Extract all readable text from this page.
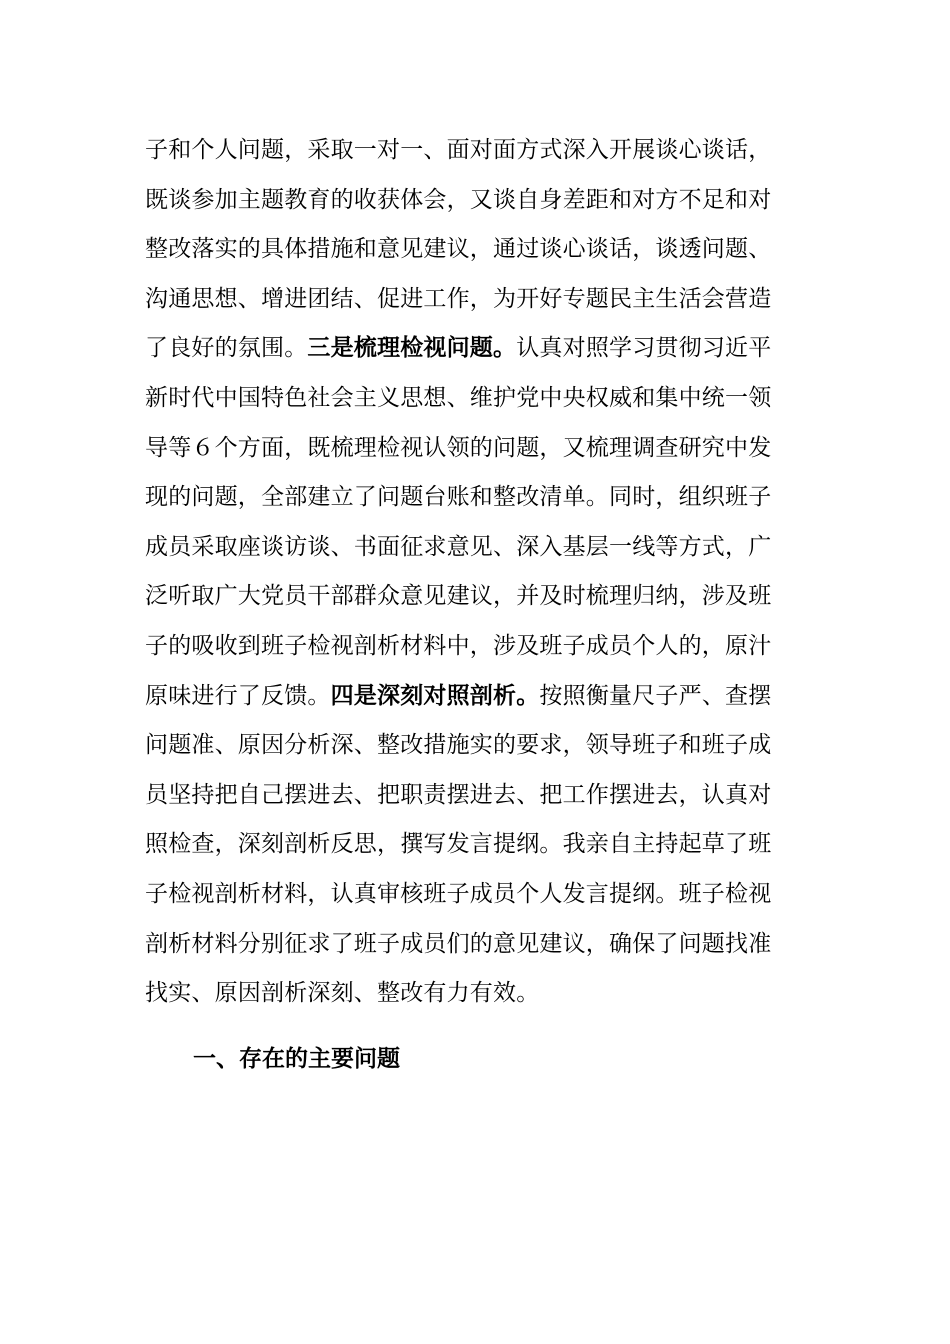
子和个人问题，采取一对一、面对面方式深入开展谈心谈话，
既谈参加主题教育的收获体会，又谈自身差距和对方不足和对
整改落实的具体措施和意见建议，通过谈心谈话，谈透问题、
沟通思想、增进团结、促进工作，为开好专题民主生活会营造
了良好的氛围。三是梳理检视问题。认真对照学习贯彻习近平
新时代中国特色社会主义思想、维护党中央权威和集中统一领
导等６个方面，既梳理检视认领的问题，又梳理调查研究中发
现的问题，全部建立了问题台账和整改清单。同时，组织班子
成员采取座谈访谈、书面征求意见、深入基层一线等方式，广
泛听取广大党员干部群众意见建议，并及时梳理归纳，涉及班
子的吸收到班子检视剖析材料中，涉及班子成员个人的，原汁
原味进行了反馈。四是深刻对照剖析。按照衡量尺子严、查摆
问题准、原因分析深、整改措施实的要求，领导班子和班子成
员坚持把自己摆进去、把职责摆进去、把工作摆进去，认真对
照检查，深刻剖析反思，撰写发言提纲。我亲自主持起草了班
子检视剖析材料，认真审核班子成员个人发言提纲。班子检视
剖析材料分别征求了班子成员们的意见建议，确保了问题找准
找实、原因剖析深刻、整改有力有效。
一、存在的主要问题
